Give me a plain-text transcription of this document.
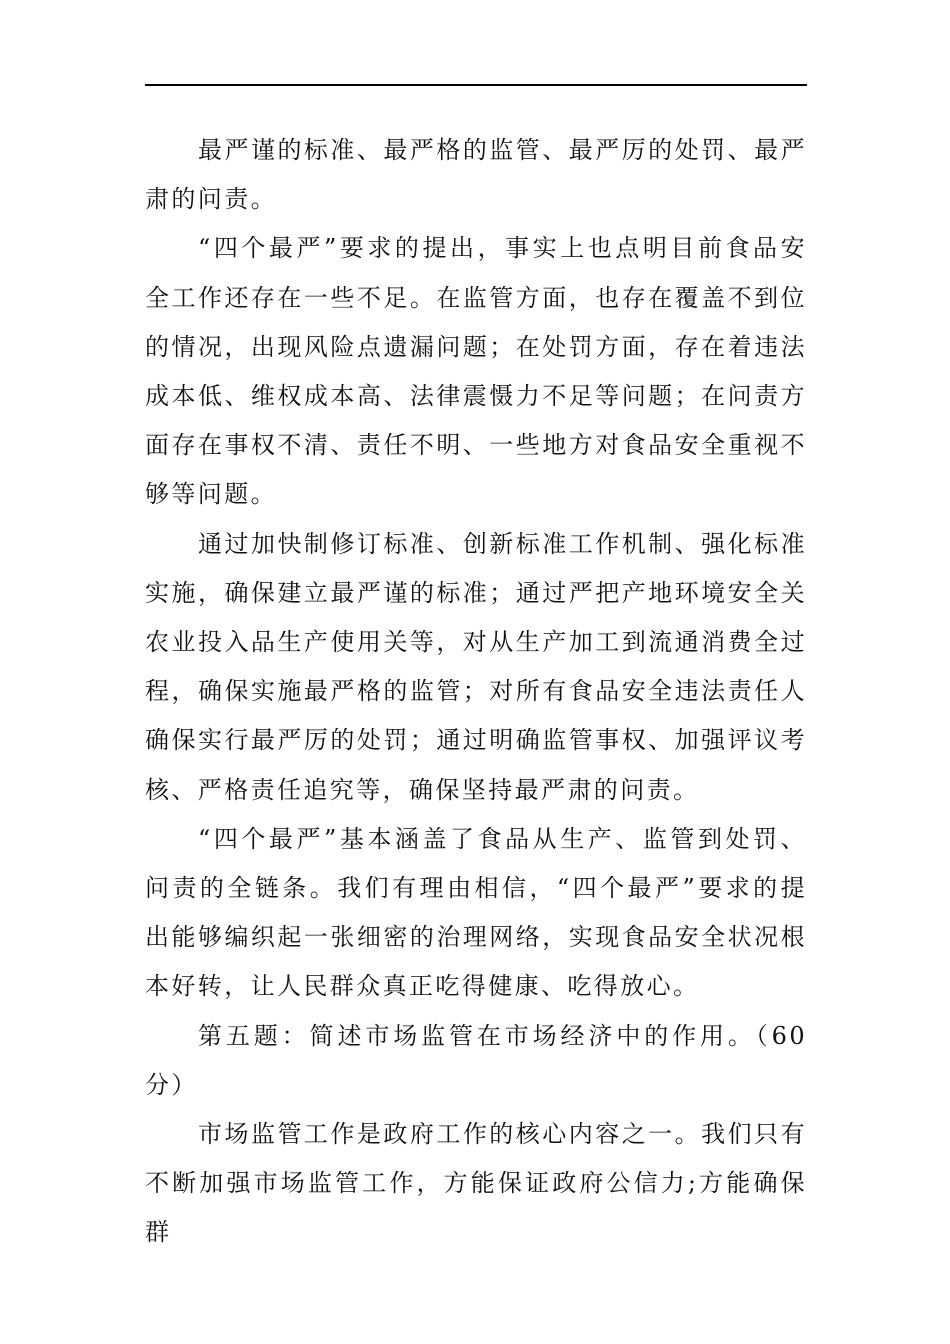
最严谨的标准、最严格的监管、最严厉的处罚、最严肃的问责。

“四个最严”要求的提出，事实上也点明目前食品安全工作还存在一些不足。在监管方面，也存在覆盖不到位的情况，出现风险点遗漏问题；在处罚方面，存在着违法成本低、维权成本高、法律震慑力不足等问题；在问责方面存在事权不清、责任不明、一些地方对食品安全重视不够等问题。

通过加快制修订标准、创新标准工作机制、强化标准实施，确保建立最严谨的标准；通过严把产地环境安全关农业投入品生产使用关等，对从生产加工到流通消费全过程，确保实施最严格的监管；对所有食品安全违法责任人确保实行最严厉的处罚；通过明确监管事权、加强评议考核、严格责任追究等，确保坚持最严肃的问责。

“四个最严”基本涵盖了食品从生产、监管到处罚、问责的全链条。我们有理由相信，“四个最严”要求的提出能够编织起一张细密的治理网络，实现食品安全状况根本好转，让人民群众真正吃得健康、吃得放心。

第五题：简述市场监管在市场经济中的作用。（60分）

市场监管工作是政府工作的核心内容之一。我们只有不断加强市场监管工作，方能保证政府公信力;方能确保群
